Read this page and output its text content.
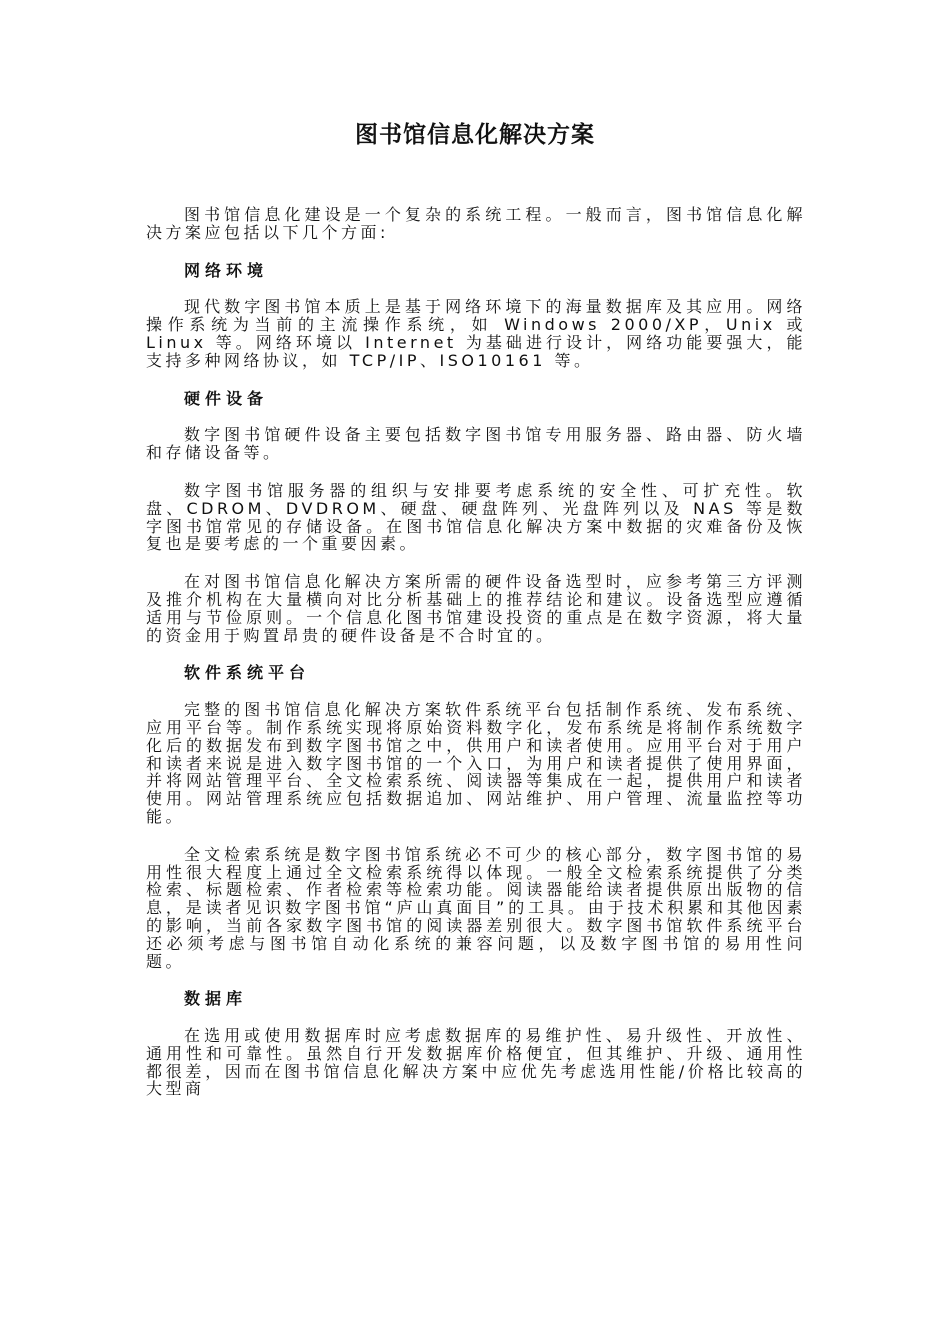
图书馆信息化解决方案

图书馆信息化建设是一个复杂的系统工程。一般而言，图书馆信息化解决方案应包括以下几个方面:

网络环境

现代数字图书馆本质上是基于网络环境下的海量数据库及其应用。网络操作系统为当前的主流操作系统，如 Windows 2000/XP，Unix 或 Linux 等。网络环境以 Internet 为基础进行设计，网络功能要强大，能支持多种网络协议，如 TCP/IP、ISO10161 等。

硬件设备

数字图书馆硬件设备主要包括数字图书馆专用服务器、路由器、防火墙和存储设备等。

数字图书馆服务器的组织与安排要考虑系统的安全性、可扩充性。软盘、CDROM、DVDROM、硬盘、硬盘阵列、光盘阵列以及 NAS 等是数字图书馆常见的存储设备。在图书馆信息化解决方案中数据的灾难备份及恢复也是要考虑的一个重要因素。

在对图书馆信息化解决方案所需的硬件设备选型时，应参考第三方评测及推介机构在大量横向对比分析基础上的推荐结论和建议。设备选型应遵循适用与节俭原则。一个信息化图书馆建设投资的重点是在数字资源，将大量的资金用于购置昂贵的硬件设备是不合时宜的。

软件系统平台

完整的图书馆信息化解决方案软件系统平台包括制作系统、发布系统、应用平台等。制作系统实现将原始资料数字化，发布系统是将制作系统数字化后的数据发布到数字图书馆之中，供用户和读者使用。应用平台对于用户和读者来说是进入数字图书馆的一个入口，为用户和读者提供了使用界面，并将网站管理平台、全文检索系统、阅读器等集成在一起，提供用户和读者使用。网站管理系统应包括数据追加、网站维护、用户管理、流量监控等功能。

全文检索系统是数字图书馆系统必不可少的核心部分，数字图书馆的易用性很大程度上通过全文检索系统得以体现。一般全文检索系统提供了分类检索、标题检索、作者检索等检索功能。阅读器能给读者提供原出版物的信息，是读者见识数字图书馆“庐山真面目”的工具。由于技术积累和其他因素的影响，当前各家数字图书馆的阅读器差别很大。数字图书馆软件系统平台还必须考虑与图书馆自动化系统的兼容问题，以及数字图书馆的易用性问题。

数据库

在选用或使用数据库时应考虑数据库的易维护性、易升级性、开放性、通用性和可靠性。虽然自行开发数据库价格便宜，但其维护、升级、通用性都很差，因而在图书馆信息化解决方案中应优先考虑选用性能/价格比较高的大型商
